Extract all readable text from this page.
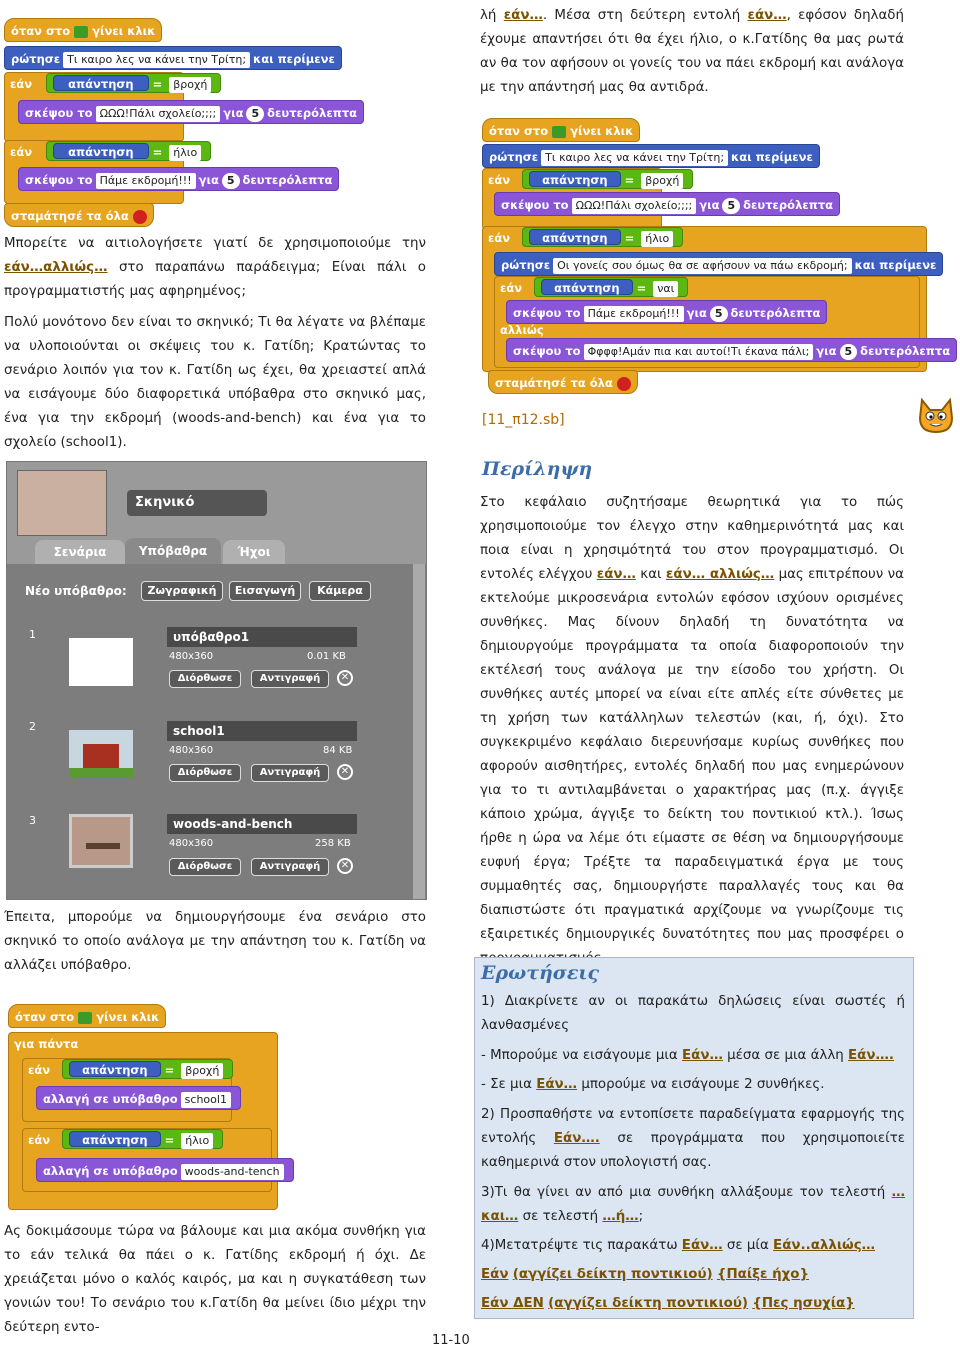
όταν στο γίνει κλικ
ρώτησε Τι καιρο λες να κάνει την Τρίτη; και περίμενε
εάν	απάντηση = βροχή
σκέψου το ΩΩΩ!Πάλι σχολείο;;;; για 5 δευτερόλεπτα
εάν	απάντηση = ήλιο
σκέψου το Πάμε εκδρομή!!! για 5 δευτερόλεπτα
σταμάτησέ τα όλα
Μπορείτε να αιτιολογήσετε γιατί δε χρησιμοποιούμε την εάν…αλλιώς… στο παραπάνω παράδειγμα; Είναι πάλι ο προγραμματιστής μας αφηρημένος;
Πολύ μονότονο δεν είναι το σκηνικό; Τι θα λέγατε να βλέπαμε να υλοποιούνται οι σκέψεις του κ. Γατίδη; Κρατώντας το σενάριο λοιπόν για τον κ. Γατίδη ως έχει, θα χρειαστεί απλά να εισάγουμε δύο διαφορετικά υπόβαθρα στο σκηνικό μας, ένα για την εκδρομή (woods-and-bench) και ένα για το σχολείο (school1).
Σκηνικό
Σενάρια	Υπόβαθρα	Ήχοι
Νέο υπόβαθρο:	Ζωγραφική	Εισαγωγή	Κάμερα
1	υπόβαθρο1
480x360	0.01 KB
Διόρθωσε	Αντιγραφή	✕
2	school1
480x360	84 KB
Διόρθωσε	Αντιγραφή	✕
3	woods-and-bench
480x360	258 KB
Διόρθωσε	Αντιγραφή	✕
Έπειτα, μπορούμε να δημιουργήσουμε ένα σενάριο στο σκηνικό το οποίο ανάλογα με την απάντηση του κ. Γατίδη να αλλάζει υπόβαθρο.
όταν στο γίνει κλικ
για πάντα
εάν	απάντηση = βροχή
αλλαγή σε υπόβαθρο school1
εάν	απάντηση = ήλιο
αλλαγή σε υπόβαθρο woods-and-tench
Ας δοκιμάσουμε τώρα να βάλουμε και μια ακόμα συνθήκη για το εάν τελικά θα πάει ο κ. Γατίδης εκδρομή ή όχι. Δε χρειάζεται μόνο ο καλός καιρός, μα και η συγκατάθεση των γονιών του! Το σενάριο του κ.Γατίδη θα μείνει ίδιο μέχρι την δεύτερη εντο-
λή εάν…. Μέσα στη δεύτερη εντολή εάν…, εφόσον δηλαδή έχουμε απαντήσει ότι θα έχει ήλιο, ο κ.Γατίδης θα μας ρωτά αν θα τον αφήσουν οι γονείς του να πάει εκδρομή και ανάλογα με την απάντησή μας θα αντιδρά.
όταν στο γίνει κλικ
ρώτησε Τι καιρο λες να κάνει την Τρίτη; και περίμενε
εάν	απάντηση = βροχή
σκέψου το ΩΩΩ!Πάλι σχολείο;;;; για 5 δευτερόλεπτα
εάν	απάντηση = ήλιο
ρώτησε Οι γονείς σου όμως θα σε αφήσουν να πάω εκδρομή; και περίμενε
εάν	απάντηση = ναι
σκέψου το Πάμε εκδρομή!!! για 5 δευτερόλεπτα
αλλιώς
σκέψου το Φφφφ!Αμάν πια και αυτοί!Τι έκανα πάλι; για 5 δευτερόλεπτα
σταμάτησέ τα όλα
[11_π12.sb]
Περίληψη
Στο κεφάλαιο συζητήσαμε θεωρητικά για το πώς χρησιμοποιούμε τον έλεγχο στην καθημερινότητά μας και ποια είναι η χρησιμότητά του στον προγραμματισμό. Οι εντολές ελέγχου εάν… και εάν… αλλιώς… μας επιτρέπουν να εκτελούμε μικροσενάρια εντολών εφόσον ισχύουν ορισμένες συνθήκες. Μας δίνουν δηλαδή τη δυνατότητα να δημιουργούμε προγράμματα τα οποία διαφοροποιούν την εκτέλεσή τους ανάλογα με την είσοδο του χρήστη. Οι συνθήκες αυτές μπορεί να είναι είτε απλές είτε σύνθετες με τη χρήση των κατάλληλων τελεστών (και, ή, όχι). Στο συγκεκριμένο κεφάλαιο διερευνήσαμε κυρίως συνθήκες που αφορούν αισθητήρες, εντολές δηλαδή που μας ενημερώνουν για το τι αντιλαμβάνεται ο χαρακτήρας μας (π.χ. άγγιξε κάποιο χρώμα, άγγιξε το δείκτη του ποντικιού κτλ.). Ίσως ήρθε η ώρα να λέμε ότι είμαστε σε θέση να δημιουργήσουμε ευφυή έργα; Τρέξτε τα παραδειγματικά έργα με τους συμμαθητές σας, δημιουργήστε παραλλαγές τους και θα διαπιστώστε ότι πραγματικά αρχίζουμε να γνωρίζουμε τις εξαιρετικές δημιουργικές δυνατότητες που μας προσφέρει ο
Ερωτήσεις
1) Διακρίνετε αν οι παρακάτω δηλώσεις είναι σωστές ή λανθασμένες
- Μπορούμε να εισάγουμε μια Εάν… μέσα σε μια άλλη Εάν….
- Σε μια Εάν… μπορούμε να εισάγουμε 2 συνθήκες.
2) Προσπαθήστε να εντοπίσετε παραδείγματα εφαρμογής της εντολής Εάν…. σε προγράμματα που χρησιμοποιείτε καθημερινά στον υπολογιστή σας.
3)Τι θα γίνει αν από μια συνθήκη αλλάξουμε τον τελεστή …και… σε τελεστή …ή…;
4)Μετατρέψτε τις παρακάτω Εάν… σε μία Εάν..αλλιώς…
Εάν (αγγίζει δείκτη ποντικιού) {Παίξε ήχο}
Εάν ΔΕΝ (αγγίζει δείκτη ποντικιού) {Πες ησυχία}
11-10
